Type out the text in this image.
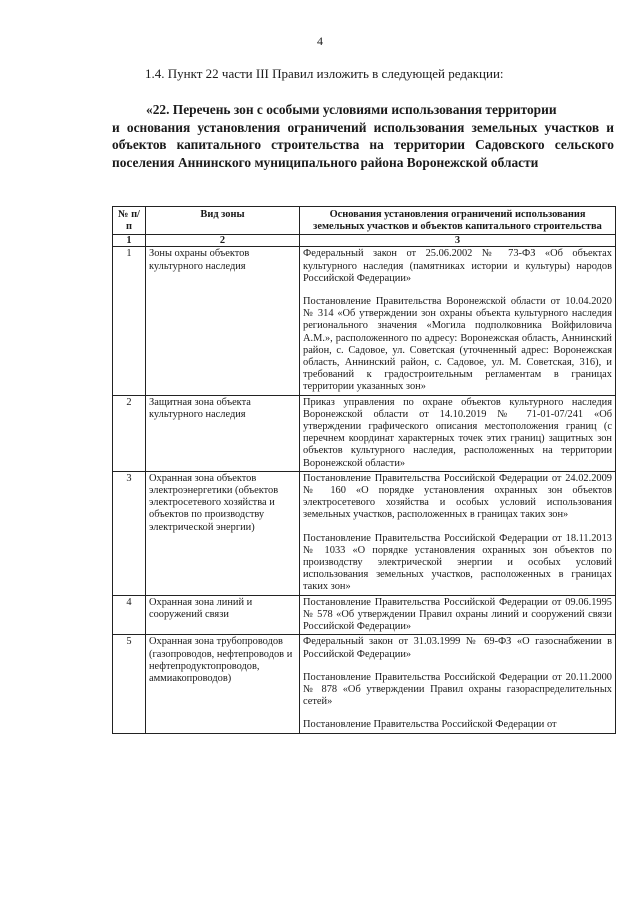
4
1.4. Пункт 22 части III Правил изложить в следующей редакции:
«22. Перечень зон с особыми условиями использования территории
и основания установления ограничений использования земельных участков и объектов капитального строительства на территории Садовского сельского поселения Аннинского муниципального района Воронежской области
№ п/п	Вид зоны	Основания установления ограничений использования земельных участков и объектов капитального строительства
1	2	3
1	Зоны охраны объектов культурного наследия	Федеральный закон от 25.06.2002 № 73-ФЗ «Об объектах культурного наследия (памятниках истории и культуры) народов Российской Федерации»

Постановление Правительства Воронежской области от 10.04.2020 № 314 «Об утверждении зон охраны объекта культурного наследия регионального значения «Могила подполковника Войфиловича А.М.», расположенного по адресу: Воронежская область, Аннинский район, с. Садовое, ул. Советская (уточненный адрес: Воронежская область, Аннинский район, с. Садовое, ул. М. Советская, 316), и требований к градостроительным регламентам в границах территории указанных зон»

2	Защитная зона объекта культурного наследия	Приказ управления по охране объектов культурного наследия Воронежской области от 14.10.2019 № 71-01-07/241 «Об утверждении графического описания местоположения границ (с перечнем координат характерных точек этих границ) защитных зон объектов культурного наследия, расположенных на территории Воронежской области»

3	Охранная зона объектов электроэнергетики (объектов электросетевого хозяйства и объектов по производству электрической энергии)	Постановление Правительства Российской Федерации от 24.02.2009 № 160 «О порядке установления охранных зон объектов электросетевого хозяйства и особых условий использования земельных участков, расположенных в границах таких зон»

Постановление Правительства Российской Федерации от 18.11.2013 № 1033 «О порядке установления охранных зон объектов по производству электрической энергии и особых условий использования земельных участков, расположенных в границах таких зон»

4	Охранная зона линий и сооружений связи	Постановление Правительства Российской Федерации от 09.06.1995 № 578 «Об утверждении Правил охраны линий и сооружений связи Российской Федерации»

5	Охранная зона трубопроводов (газопроводов, нефтепроводов и нефтепродуктопроводов, аммиакопроводов)	Федеральный закон от 31.03.1999 № 69-ФЗ «О газоснабжении в Российской Федерации»

Постановление Правительства Российской Федерации от 20.11.2000 № 878 «Об утверждении Правил охраны газораспределительных сетей»

Постановление Правительства Российской Федерации от
